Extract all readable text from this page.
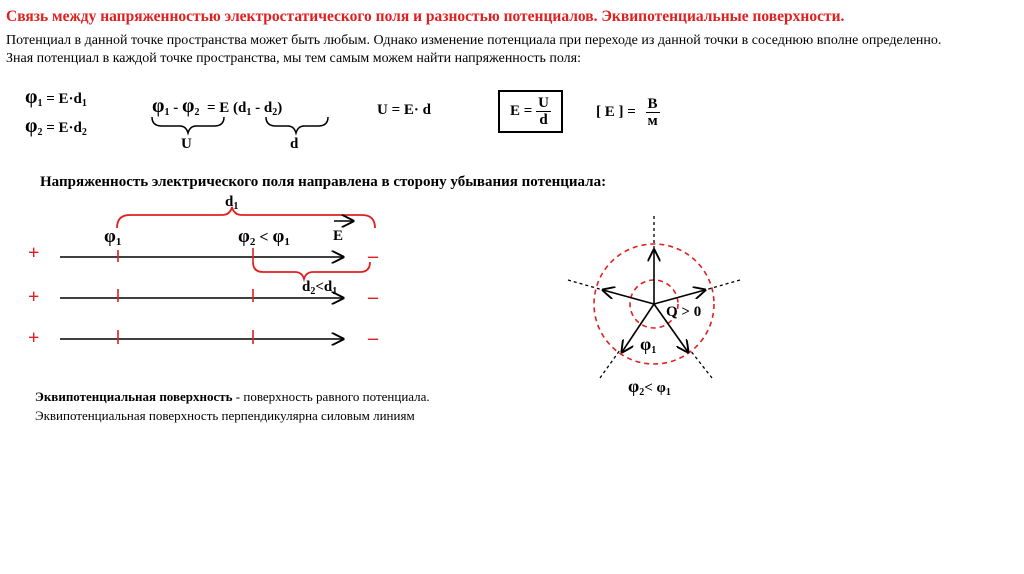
Связь между напряженностью электростатического поля и разностью потенциалов. Эквипотенциальные поверхности.
Потенциал в данной точке пространства может быть любым. Однако изменение потенциала при переходе из данной точки в соседнюю вполне определенно.
Зная потенциал в каждой точке пространства, мы тем самым можем найти напряженность поля:
$\varphi_1 = E\cdot d_1$
$\varphi_2 = E\cdot d_2$
$\varphi_1 - \varphi_2 = E$ $(d_1 - d_2)$
U	d
U = E· d	$E = \frac{U}{d}$	[ E ] = $\frac{В}{м}$
Напряженность электрического поля направлена в сторону убывания потенциала:
+
+
+
–
–
–
$d_1$
$d_2<d_1$
φ1	φ2 < φ1	E
Q > 0
φ1
φ2< φ1
Эквипотенциальная поверхность - поверхность равного потенциала.
Эквипотенциальная поверхность перпендикулярна силовым линиям
